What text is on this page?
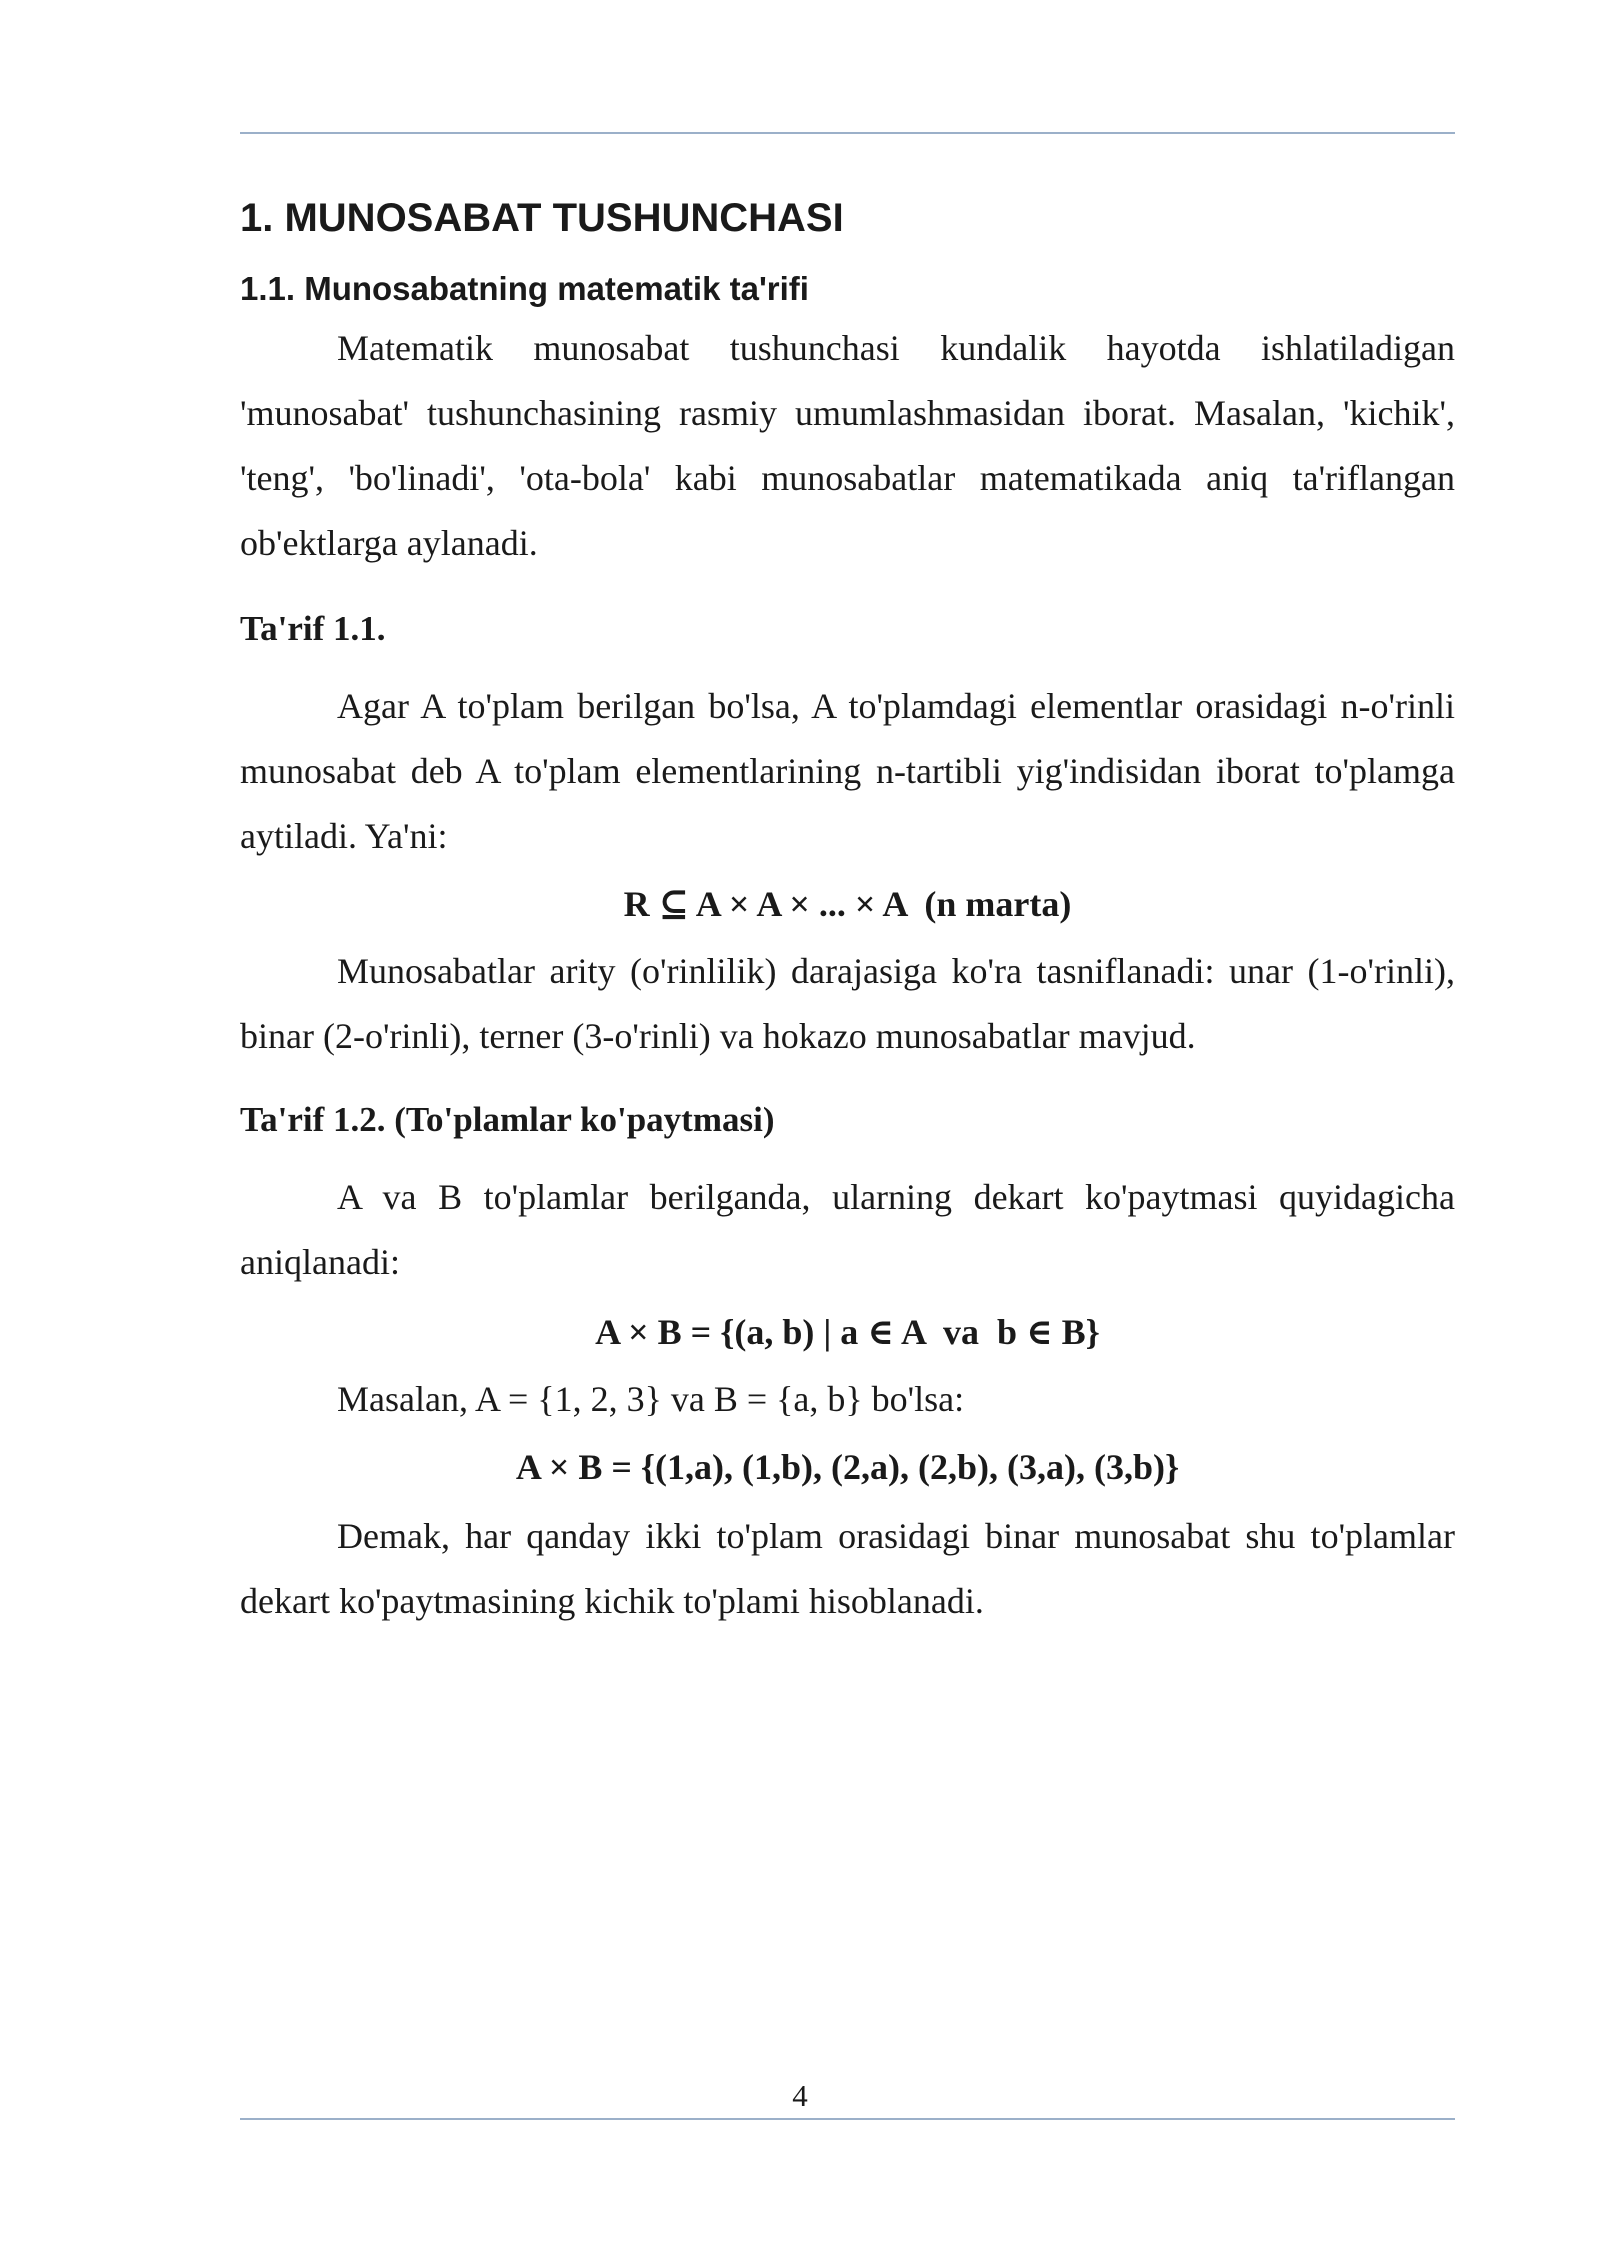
1. MUNOSABAT TUSHUNCHASI
1.1. Munosabatning matematik ta'rifi

Matematik munosabat tushunchasi kundalik hayotda ishlatiladigan 'munosabat' tushunchasining rasmiy umumlashmasidan iborat. Masalan, 'kichik', 'teng', 'bo'linadi', 'ota-bola' kabi munosabatlar matematikada aniq ta'riflangan ob'ektlarga aylanadi.

Ta'rif 1.1.

Agar A to'plam berilgan bo'lsa, A to'plamdagi elementlar orasidagi n-o'rinli munosabat deb A to'plam elementlarining n-tartibli yig'indisidan iborat to'plamga aytiladi. Ya'ni:

R ⊆ A × A × ... × A  (n marta)

Munosabatlar arity (o'rinlilik) darajasiga ko'ra tasniflanadi: unar (1-o'rinli), binar (2-o'rinli), terner (3-o'rinli) va hokazo munosabatlar mavjud.

Ta'rif 1.2. (To'plamlar ko'paytmasi)

A va B to'plamlar berilganda, ularning dekart ko'paytmasi quyidagicha aniqlanadi:

A × B = {(a, b) | a ∈ A  va  b ∈ B}

Masalan, A = {1, 2, 3} va B = {a, b} bo'lsa:

A × B = {(1,a), (1,b), (2,a), (2,b), (3,a), (3,b)}

Demak, har qanday ikki to'plam orasidagi binar munosabat shu to'plamlar dekart ko'paytmasining kichik to'plami hisoblanadi.

4
